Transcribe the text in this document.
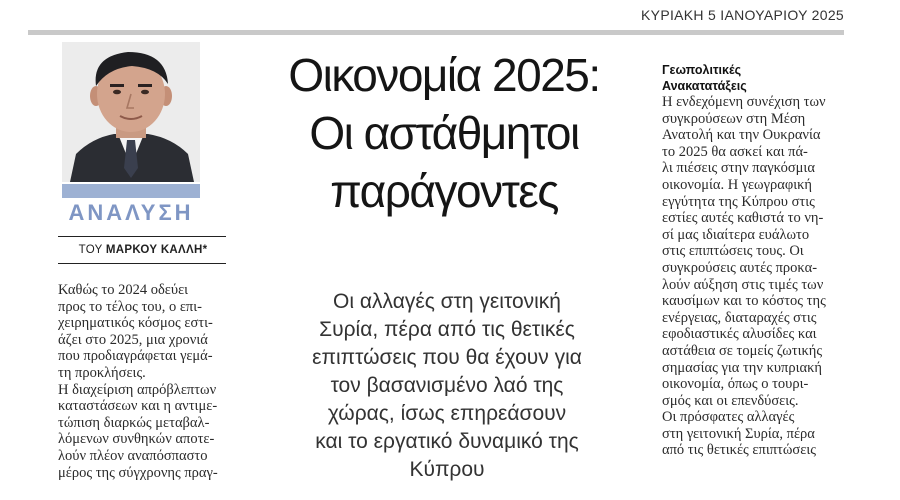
ΚΥΡΙΑΚΗ 5 ΙΑΝΟΥΑΡΙΟΥ 2025
ΑΝΑΛΥΣΗ
ΤΟΥ ΜΑΡΚΟΥ ΚΑΛΛΗ*
Καθώς το 2024 οδεύει
προς το τέλος του, ο επι-
χειρηματικός κόσμος εστι-
άζει στο 2025, μια χρονιά
που προδιαγράφεται γεμά-
τη προκλήσεις.
Η διαχείριση απρόβλεπτων
καταστάσεων και η αντιμε-
τώπιση διαρκώς μεταβαλ-
λόμενων συνθηκών αποτε-
λούν πλέον αναπόσπαστο
μέρος της σύγχρονης πραγ-
Οικονομία 2025:
Οι αστάθμητοι
παράγοντες
Οι αλλαγές στη γειτονική
Συρία, πέρα από τις θετικές
επιπτώσεις που θα έχουν για
τον βασανισμένο λαό της
χώρας, ίσως επηρεάσουν
και το εργατικό δυναμικό της
Κύπρου
Γεωπολιτικές
Ανακατατάξεις
Η ενδεχόμενη συνέχιση των
συγκρούσεων στη Μέση
Ανατολή και την Ουκρανία
το 2025 θα ασκεί και πά-
λι πιέσεις στην παγκόσμια
οικονομία. Η γεωγραφική
εγγύτητα της Κύπρου στις
εστίες αυτές καθιστά το νη-
σί μας ιδιαίτερα ευάλωτο
στις επιπτώσεις τους. Οι
συγκρούσεις αυτές προκα-
λούν αύξηση στις τιμές των
καυσίμων και το κόστος της
ενέργειας, διαταραχές στις
εφοδιαστικές αλυσίδες και
αστάθεια σε τομείς ζωτικής
σημασίας για την κυπριακή
οικονομία, όπως ο τουρι-
σμός και οι επενδύσεις.
Οι πρόσφατες αλλαγές
στη γειτονική Συρία, πέρα
από τις θετικές επιπτώσεις
